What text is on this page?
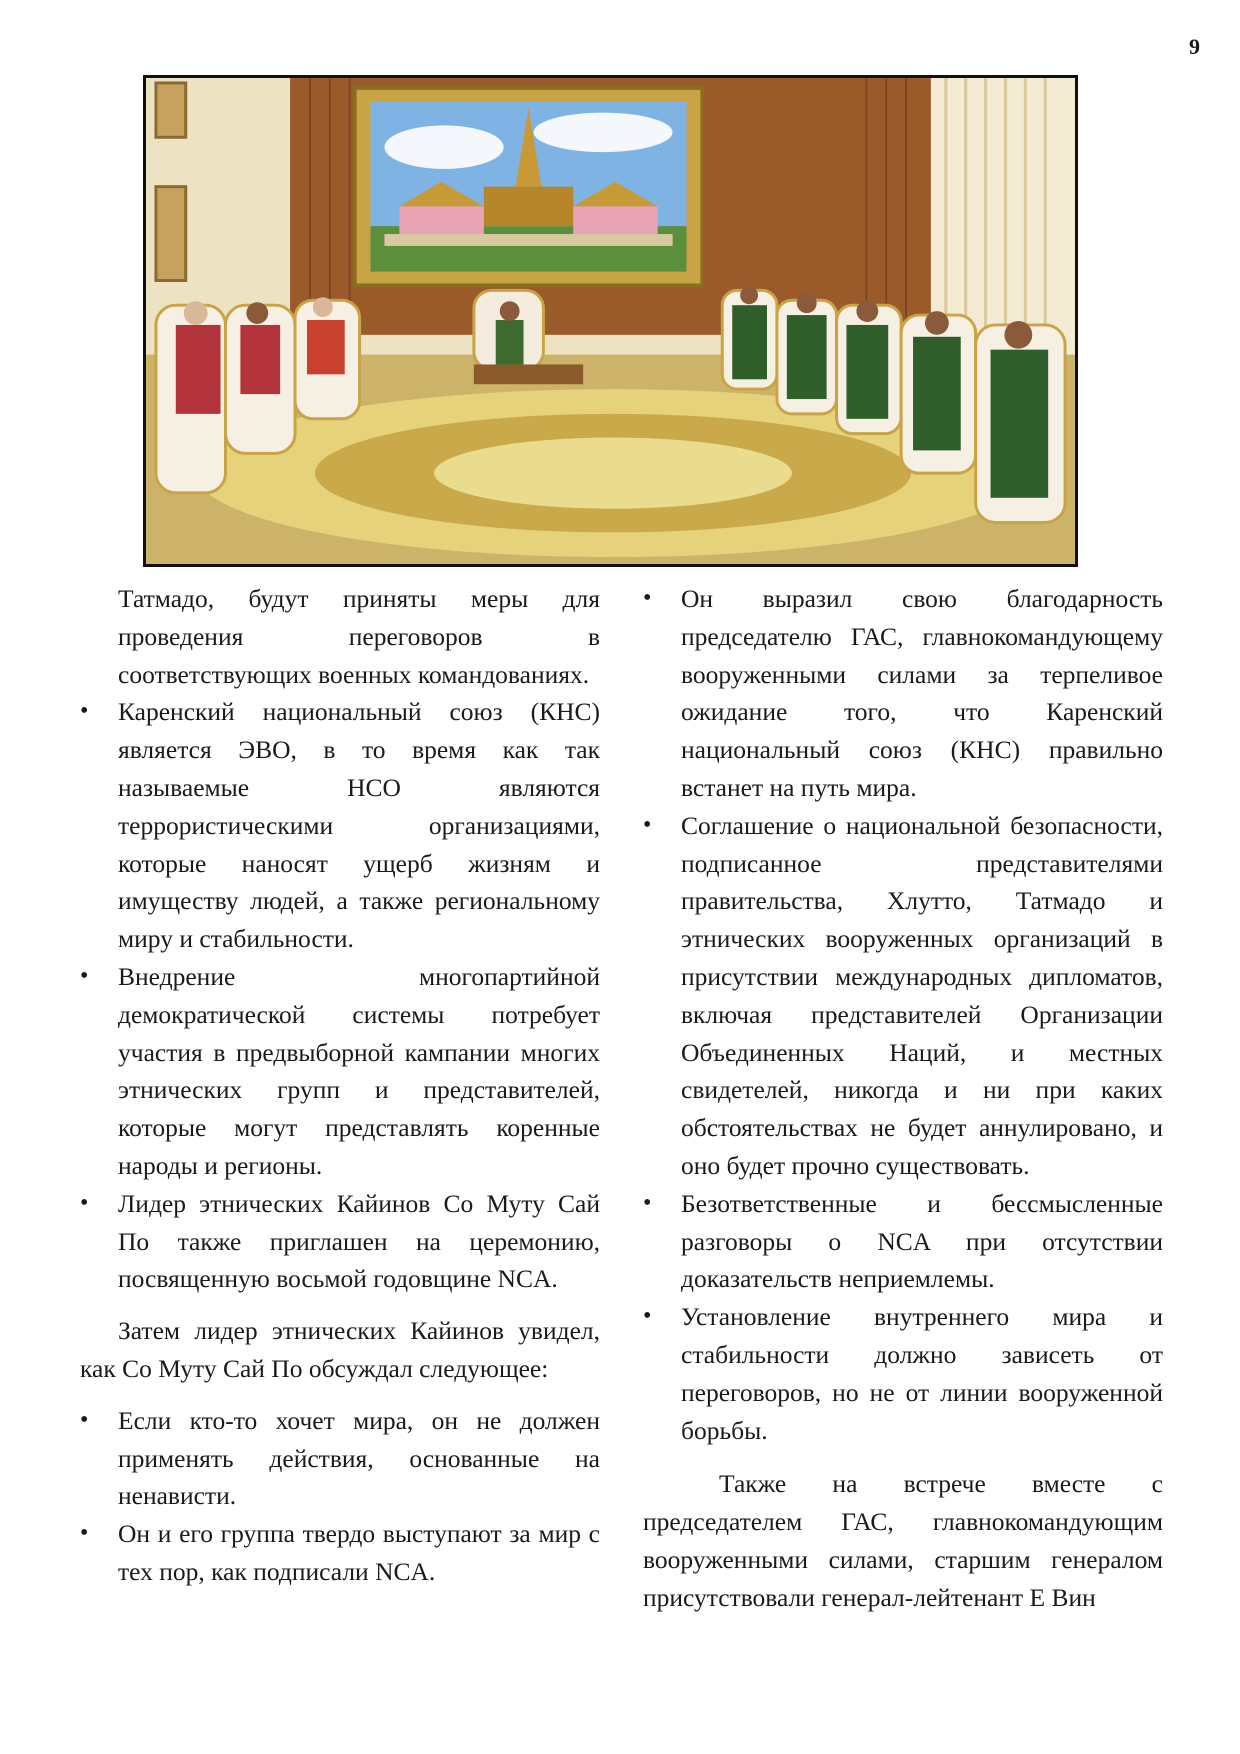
9

Татмадо, будут приняты меры для проведения переговоров в соответствующих военных командованиях.

• Каренский национальный союз (КНС) является ЭВО, в то время как так называемые НСО являются террористическими организациями, которые наносят ущерб жизням и имуществу людей, а также региональному миру и стабильности.
• Внедрение многопартийной демократической системы потребует участия в предвыборной кампании многих этнических групп и представителей, которые могут представлять коренные народы и регионы.
• Лидер этнических Кайинов Со Муту Сай По также приглашен на церемонию, посвященную восьмой годовщине NCA.

Затем лидер этнических Кайинов увидел, как Со Муту Сай По обсуждал следующее:

• Если кто-то хочет мира, он не должен применять действия, основанные на ненависти.
• Он и его группа твердо выступают за мир с тех пор, как подписали NCA.
• Он выразил свою благодарность председателю ГАС, главнокомандующему вооруженными силами за терпеливое ожидание того, что Каренский национальный союз (КНС) правильно встанет на путь мира.
• Соглашение о национальной безопасности, подписанное представителями правительства, Хлутто, Татмадо и этнических вооруженных организаций в присутствии международных дипломатов, включая представителей Организации Объединенных Наций, и местных свидетелей, никогда и ни при каких обстоятельствах не будет аннулировано, и оно будет прочно существовать.
• Безответственные и бессмысленные разговоры о NCA при отсутствии доказательств неприемлемы.
• Установление внутреннего мира и стабильности должно зависеть от переговоров, но не от линии вооруженной борьбы.

Также на встрече вместе с председателем ГАС, главнокомандующим вооруженными силами, старшим генералом присутствовали генерал-лейтенант Е Вин
